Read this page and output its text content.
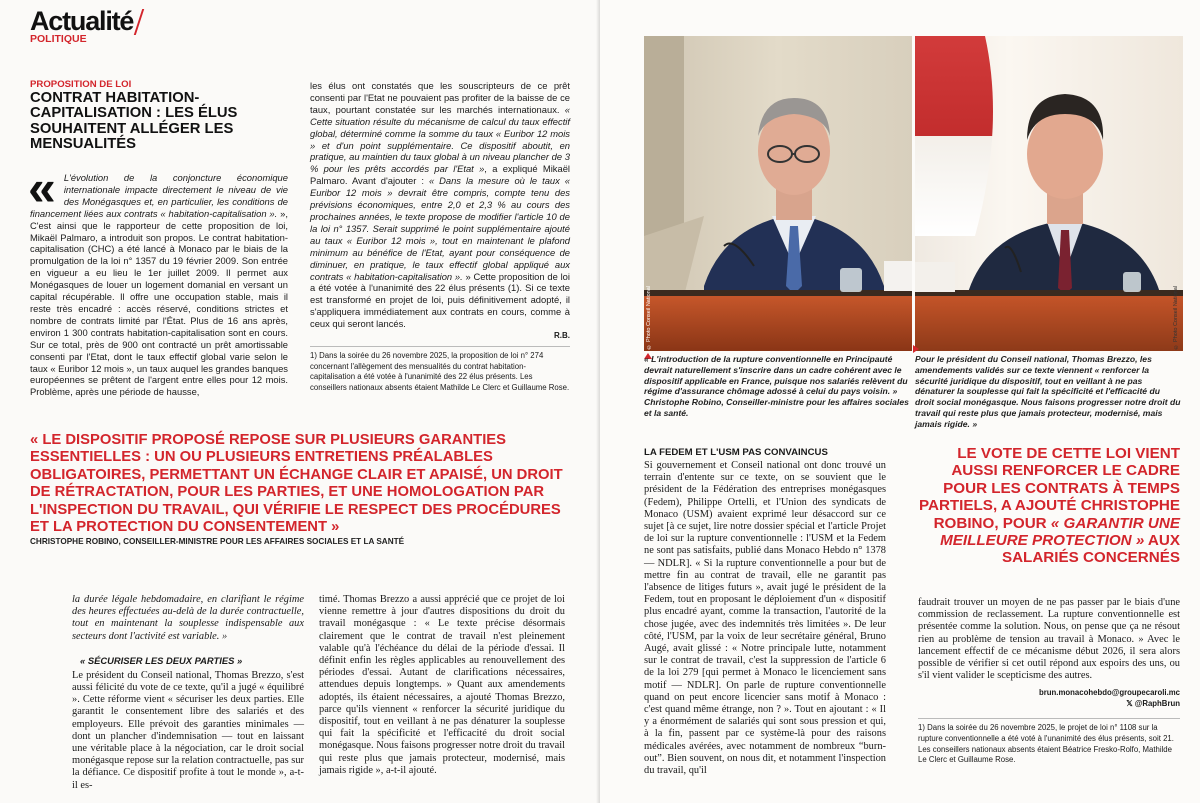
Actualité
POLITIQUE
PROPOSITION DE LOI
CONTRAT HABITATION-CAPITALISATION : LES ÉLUS SOUHAITENT ALLÉGER LES MENSUALITÉS
« L'évolution de la conjoncture économique internationale impacte directement le niveau de vie des Monégasques et, en particulier, les conditions de financement liées aux contrats « habitation-capitalisation ». », C'est ainsi que le rapporteur de cette proposition de loi, Mikaël Palmaro, a introduit son propos. Le contrat habitation-capitalisation (CHC) a été lancé à Monaco par le biais de la promulgation de la loi n° 1357 du 19 février 2009. Son entrée en vigueur a eu lieu le 1er juillet 2009. Il permet aux Monégasques de louer un logement domanial en versant un capital récupérable. Il offre une occupation stable, mais il reste très encadré : accès réservé, conditions strictes et nombre de contrats limité par l'État. Plus de 16 ans après, environ 1 300 contrats habitation-capitalisation sont en cours. Sur ce total, près de 900 ont contracté un prêt amortissable consenti par l'Etat, dont le taux effectif global varie selon le taux « Euribor 12 mois », un taux auquel les grandes banques européennes se prêtent de l'argent entre elles pour 12 mois. Problème, après une période de hausse,

les élus ont constatés que les souscripteurs de ce prêt consenti par l'Etat ne pouvaient pas profiter de la baisse de ce taux, pourtant constatée sur les marchés internationaux. « Cette situation résulte du mécanisme de calcul du taux effectif global, déterminé comme la somme du taux « Euribor 12 mois » et d'un point supplémentaire. Ce dispositif aboutit, en pratique, au maintien du taux global à un niveau plancher de 3 % pour les prêts accordés par l'Etat », a expliqué Mikaël Palmaro. Avant d'ajouter : « Dans la mesure où le taux « Euribor 12 mois » devrait être compris, compte tenu des prévisions économiques, entre 2,0 et 2,3 % au cours des prochaines années, le texte propose de modifier l'article 10 de la loi n° 1357. Serait supprimé le point supplémentaire ajouté au taux « Euribor 12 mois », tout en maintenant le plafond minimum au bénéfice de l'Etat, ayant pour conséquence de diminuer, en pratique, le taux effectif global appliqué aux contrats « habitation-capitalisation ». » Cette proposition de loi a été votée à l'unanimité des 22 élus présents (1). Si ce texte est transformé en projet de loi, puis définitivement adopté, il s'appliquera immédiatement aux contrats en cours, comme à ceux qui seront lancés.

R.B.

1) Dans la soirée du 26 novembre 2025, la proposition de loi n° 274 concernant l'allègement des mensualités du contrat habitation-capitalisation a été votée à l'unanimité des 22 élus présents. Les conseillers nationaux absents étaient Mathilde Le Clerc et Guillaume Rose.

« LE DISPOSITIF PROPOSÉ REPOSE SUR PLUSIEURS GARANTIES ESSENTIELLES : UN OU PLUSIEURS ENTRETIENS PRÉALABLES OBLIGATOIRES, PERMETTANT UN ÉCHANGE CLAIR ET APAISÉ, UN DROIT DE RÉTRACTATION, POUR LES PARTIES, ET UNE HOMOLOGATION PAR L'INSPECTION DU TRAVAIL, QUI VÉRIFIE LE RESPECT DES PROCÉDURES ET LA PROTECTION DU CONSENTEMENT »
CHRISTOPHE ROBINO, CONSEILLER-MINISTRE POUR LES AFFAIRES SOCIALES ET LA SANTÉ

la durée légale hebdomadaire, en clarifiant le régime des heures effectuées au-delà de la durée contractuelle, tout en maintenant la souplesse indispensable aux secteurs dont l'activité est variable. »

« SÉCURISER LES DEUX PARTIES »

Le président du Conseil national, Thomas Brezzo, s'est aussi félicité du vote de ce texte, qu'il a jugé « équilibré ». Cette réforme vient « sécuriser les deux parties. Elle garantit le consentement libre des salariés et des employeurs. Elle prévoit des garanties minimales — dont un plancher d'indemnisation — tout en laissant une véritable place à la négociation, car le droit social monégasque repose sur la relation contractuelle, pas sur la défiance. Ce dispositif profite à tout le monde », a-t-il es-

timé. Thomas Brezzo a aussi apprécié que ce projet de loi vienne remettre à jour d'autres dispositions du droit du travail monégasque : « Le texte précise désormais clairement que le contrat de travail n'est pleinement valable qu'à l'échéance du délai de la période d'essai. Il définit enfin les règles applicables au renouvellement des périodes d'essai. Autant de clarifications nécessaires, attendues depuis longtemps. » Quant aux amendements adoptés, ils étaient nécessaires, a ajouté Thomas Brezzo, parce qu'ils viennent « renforcer la sécurité juridique du dispositif, tout en veillant à ne pas dénaturer la souplesse qui fait la spécificité et l'efficacité du droit social monégasque. Nous faisons progresser notre droit du travail qui reste plus que jamais protecteur, modernisé, mais jamais rigide », a-t-il ajouté.

© Photo Conseil National	© Photo Conseil National

« L'introduction de la rupture conventionnelle en Principauté devrait naturellement s'inscrire dans un cadre cohérent avec le dispositif applicable en France, puisque nos salariés relèvent du régime d'assurance chômage adossé à celui du pays voisin. » Christophe Robino, Conseiller-ministre pour les affaires sociales et la santé.

Pour le président du Conseil national, Thomas Brezzo, les amendements validés sur ce texte viennent « renforcer la sécurité juridique du dispositif, tout en veillant à ne pas dénaturer la souplesse qui fait la spécificité et l'efficacité du droit social monégasque. Nous faisons progresser notre droit du travail qui reste plus que jamais protecteur, modernisé, mais jamais rigide. »

LA FEDEM ET L'USM PAS CONVAINCUS

Si gouvernement et Conseil national ont donc trouvé un terrain d'entente sur ce texte, on se souvient que le président de la Fédération des entreprises monégasques (Fedem), Philippe Ortelli, et l'Union des syndicats de Monaco (USM) avaient exprimé leur désaccord sur ce sujet [à ce sujet, lire notre dossier spécial et l'article Projet de loi sur la rupture conventionnelle : l'USM et la Fedem ne sont pas satisfaits, publié dans Monaco Hebdo n° 1378 — NDLR]. « Si la rupture conventionnelle a pour but de mettre fin au contrat de travail, elle ne garantit pas l'absence de litiges futurs », avait jugé le président de la Fedem, tout en proposant le déploiement d'un « dispositif plus encadré ayant, comme la transaction, l'autorité de la chose jugée, avec des indemnités très limitées ». De leur côté, l'USM, par la voix de leur secrétaire général, Bruno Augé, avait glissé : « Notre principale lutte, notamment sur le contrat de travail, c'est la suppression de l'article 6 de la loi 279 [qui permet à Monaco le licenciement sans motif — NDLR]. On parle de rupture conventionnelle quand on peut encore licencier sans motif à Monaco : c'est quand même étrange, non ? ». Tout en ajoutant : « Il y a énormément de salariés qui sont sous pression et qui, à la fin, passent par ce système-là pour des raisons médicales avérées, avec notamment de nombreux “burn-out”. Bien souvent, on nous dit, et notamment l'inspection du travail, qu'il

faudrait trouver un moyen de ne pas passer par le biais d'une commission de reclassement. La rupture conventionnelle est présentée comme la solution. Nous, on pense que ça ne résout rien au problème de tension au travail à Monaco. » Avec le lancement effectif de ce mécanisme début 2026, il sera alors possible de vérifier si cet outil répond aux espoirs des uns, ou s'il vient valider le scepticisme des autres.

brun.monacohebdo@groupecaroli.mc
𝕏 @RaphBrun

1) Dans la soirée du 26 novembre 2025, le projet de loi n° 1108 sur la rupture conventionnelle a été voté à l'unanimité des élus présents, soit 21. Les conseillers nationaux absents étaient Béatrice Fresko-Rolfo, Mathilde Le Clerc et Guillaume Rose.

LE VOTE DE CETTE LOI VIENT AUSSI RENFORCER LE CADRE POUR LES CONTRATS À TEMPS PARTIELS, A AJOUTÉ CHRISTOPHE ROBINO, POUR « GARANTIR UNE MEILLEURE PROTECTION » AUX SALARIÉS CONCERNÉS
